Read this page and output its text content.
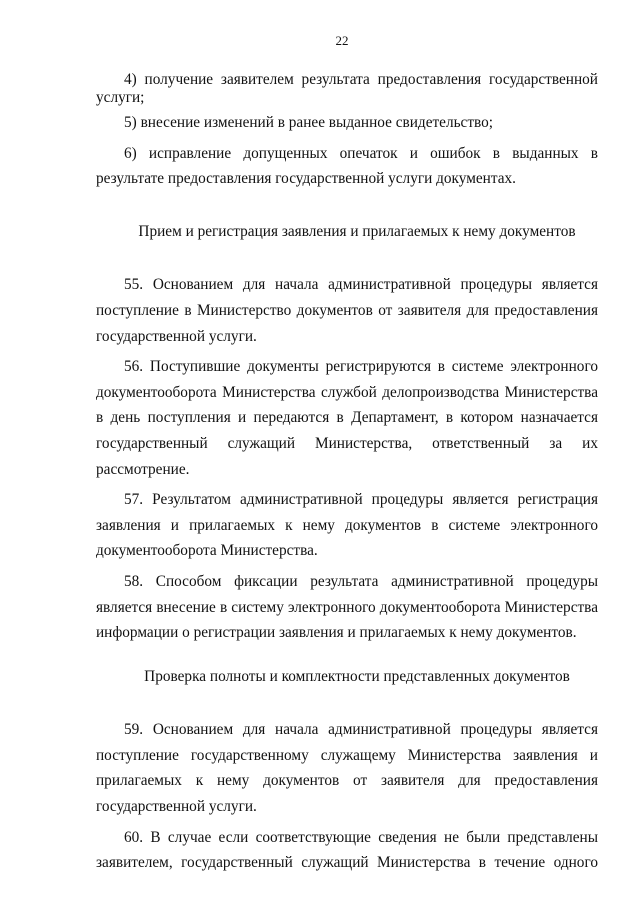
22

4) получение заявителем результата предоставления государственной услуги;

5) внесение изменений в ранее выданное свидетельство;

6) исправление допущенных опечаток и ошибок в выданных в результате предоставления государственной услуги документах.

Прием и регистрация заявления и прилагаемых к нему документов

55. Основанием для начала административной процедуры является поступление в Министерство документов от заявителя для предоставления государственной услуги.

56. Поступившие документы регистрируются в системе электронного документооборота Министерства службой делопроизводства Министерства в день поступления и передаются в Департамент, в котором назначается государственный служащий Министерства, ответственный за их рассмотрение.

57. Результатом административной процедуры является регистрация заявления и прилагаемых к нему документов в системе электронного документооборота Министерства.

58. Способом фиксации результата административной процедуры является внесение в систему электронного документооборота Министерства информации о регистрации заявления и прилагаемых к нему документов.

Проверка полноты и комплектности представленных документов

59. Основанием для начала административной процедуры является поступление государственному служащему Министерства заявления и прилагаемых к нему документов от заявителя для предоставления государственной услуги.

60. В случае если соответствующие сведения не были представлены заявителем, государственный служащий Министерства в течение одного
